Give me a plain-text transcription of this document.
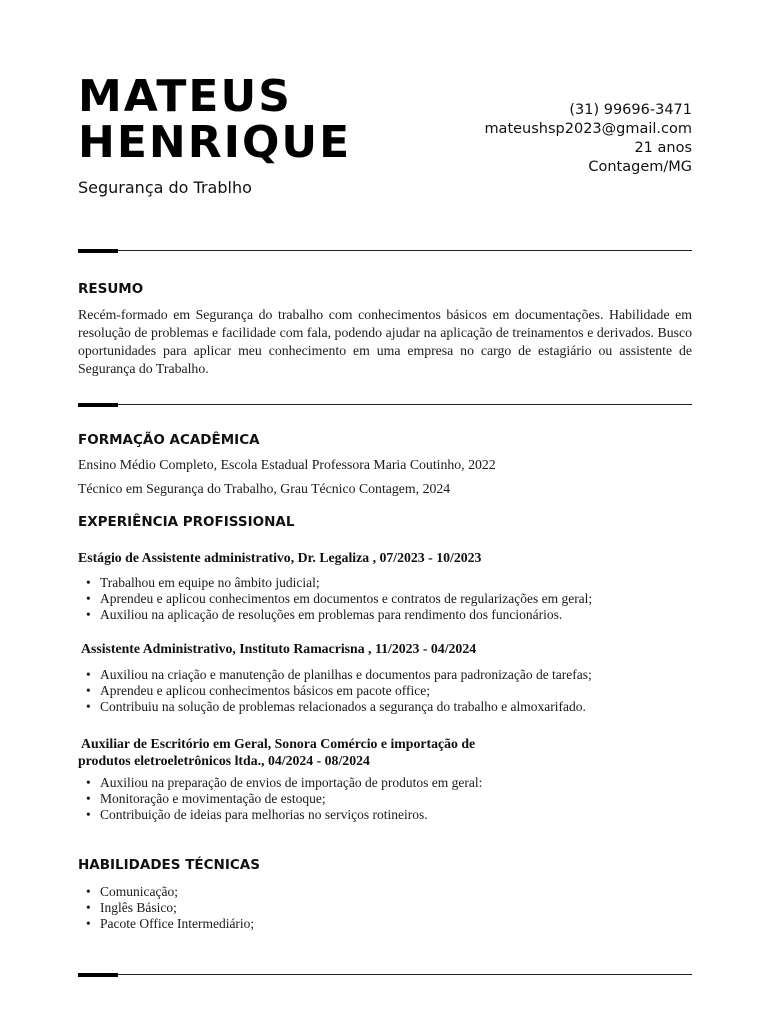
MATEUS
HENRIQUE
Segurança do Trablho
(31) 99696-3471
mateushsp2023@gmail.com
21 anos
Contagem/MG
RESUMO
Recém-formado em Segurança do trabalho com conhecimentos básicos em documentações. Habilidade em resolução de problemas e facilidade com fala, podendo ajudar na aplicação de treinamentos e derivados. Busco oportunidades para aplicar meu conhecimento em uma empresa no cargo de estagiário ou assistente de Segurança do Trabalho.
FORMAÇÃO ACADÊMICA
Ensino Médio Completo, Escola Estadual Professora Maria Coutinho, 2022
Técnico em Segurança do Trabalho, Grau Técnico Contagem, 2024
EXPERIÊNCIA PROFISSIONAL
Estágio de Assistente administrativo, Dr. Legaliza , 07/2023 - 10/2023
• Trabalhou em equipe no âmbito judicial;
• Aprendeu e aplicou conhecimentos em documentos e contratos de regularizações em geral;
• Auxiliou na aplicação de resoluções em problemas para rendimento dos funcionários.
Assistente Administrativo, Instituto Ramacrisna , 11/2023 - 04/2024
• Auxiliou na criação e manutenção de planilhas e documentos para padronização de tarefas;
• Aprendeu e aplicou conhecimentos básicos em pacote office;
• Contribuiu na solução de problemas relacionados a segurança do trabalho e almoxarifado.
Auxiliar de Escritório em Geral, Sonora Comércio e importação de
produtos eletroeletrônicos ltda., 04/2024 - 08/2024
• Auxiliou na preparação de envios de importação de produtos em geral:
• Monitoração e movimentação de estoque;
• Contribuição de ideias para melhorias no serviços rotineiros.
HABILIDADES TÉCNICAS
• Comunicação;
• Inglês Básico;
• Pacote Office Intermediário;
